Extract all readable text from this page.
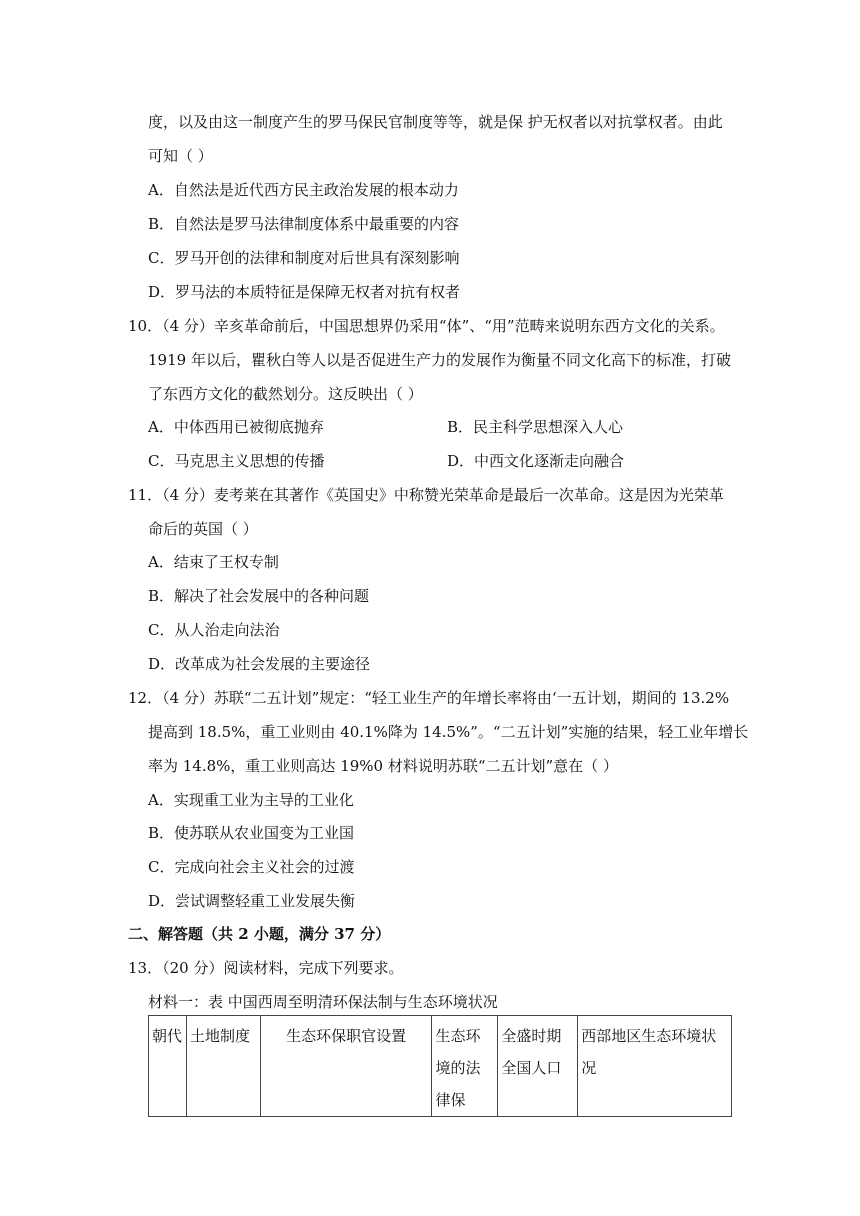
度，以及由这一制度产生的罗马保民官制度等等，就是保 护无权者以对抗掌权者。由此
可知（ ）
A．自然法是近代西方民主政治发展的根本动力
B．自然法是罗马法律制度体系中最重要的内容
C．罗马开创的法律和制度对后世具有深刻影响
D．罗马法的本质特征是保障无权者对抗有权者
10．（4 分）辛亥革命前后，中国思想界仍采用“体”、“用”范畴来说明东西方文化的关系。
1919 年以后，瞿秋白等人以是否促进生产力的发展作为衡量不同文化高下的标准，打破
了东西方文化的截然划分。这反映出（ ）
A．中体西用已被彻底抛弃	B．民主科学思想深入人心
C．马克思主义思想的传播	D．中西文化逐渐走向融合
11．（4 分）麦考莱在其著作《英国史》中称赞光荣革命是最后一次革命。这是因为光荣革
命后的英国（ ）
A．结束了王权专制
B．解决了社会发展中的各种问题
C．从人治走向法治
D．改革成为社会发展的主要途径
12．（4 分）苏联“二五计划”规定：“轻工业生产的年增长率将由‘一五计划，期间的 13.2%
提高到 18.5%，重工业则由 40.1%降为 14.5%”。“二五计划”实施的结果，轻工业年增长
率为 14.8%，重工业则高达 19%0 材料说明苏联“二五计划”意在（ ）
A．实现重工业为主导的工业化
B．使苏联从农业国变为工业国
C．完成向社会主义社会的过渡
D．尝试调整轻重工业发展失衡
二、解答题（共 2 小题，满分 37 分）
13．（20 分）阅读材料，完成下列要求。
材料一：表 中国西周至明清环保法制与生态环境状况
朝代	土地制度	生态环保职官设置	生态环境的法律保	全盛时期全国人口	西部地区生态环境状况
